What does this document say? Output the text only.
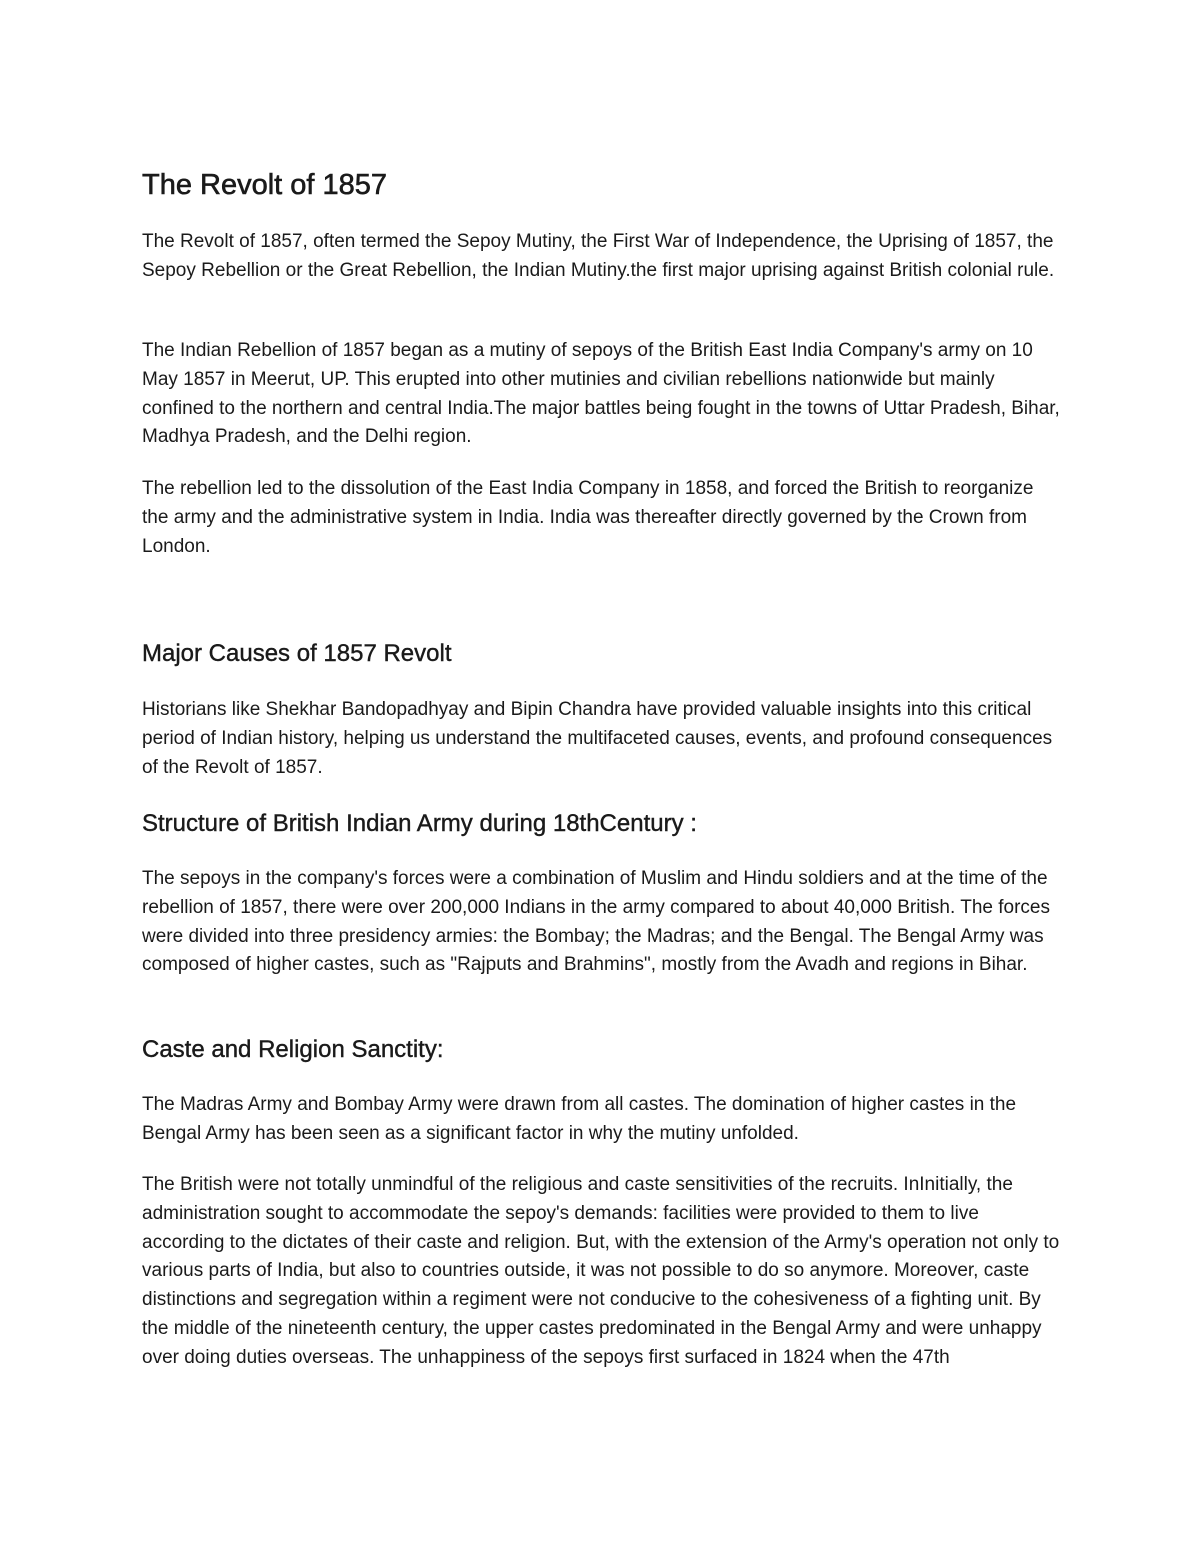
The Revolt of 1857

The Revolt of 1857, often termed the Sepoy Mutiny, the First War of Independence, the Uprising of 1857, the Sepoy Rebellion or the Great Rebellion, the Indian Mutiny.the first major uprising against British colonial rule.

The Indian Rebellion of 1857 began as a mutiny of sepoys of the British East India Company's army on 10 May 1857 in Meerut, UP. This erupted into other mutinies and civilian rebellions nationwide but mainly confined to the northern and central India.The major battles being fought in the towns of Uttar Pradesh, Bihar, Madhya Pradesh, and the Delhi region.

The rebellion led to the dissolution of the East India Company in 1858, and forced the British to reorganize the army and the administrative system in India. India was thereafter directly governed by the Crown from London.

Major Causes of 1857 Revolt

Historians like Shekhar Bandopadhyay and Bipin Chandra have provided valuable insights into this critical period of Indian history, helping us understand the multifaceted causes, events, and profound consequences of the Revolt of 1857.

Structure of British Indian Army during 18thCentury :

The sepoys in the company's forces were a combination of Muslim and Hindu soldiers and at the time of the rebellion of 1857, there were over 200,000 Indians in the army compared to about 40,000 British. The forces were divided into three presidency armies: the Bombay; the Madras; and the Bengal. The Bengal Army was composed of higher castes, such as "Rajputs and Brahmins", mostly from the Avadh and regions in Bihar.

Caste and Religion Sanctity:

The Madras Army and Bombay Army were drawn from all castes. The domination of higher castes in the Bengal Army has been seen as a significant factor in why the mutiny unfolded.

The British were not totally unmindful of the religious and caste sensitivities of the recruits. InInitially, the administration sought to accommodate the sepoy's demands: facilities were provided to them to live according to the dictates of their caste and religion. But, with the extension of the Army's operation not only to various parts of India, but also to countries outside, it was not possible to do so anymore. Moreover, caste distinctions and segregation within a regiment were not conducive to the cohesiveness of a fighting unit. By the middle of the nineteenth century, the upper castes predominated in the Bengal Army and were unhappy over doing duties overseas. The unhappiness of the sepoys first surfaced in 1824 when the 47th
